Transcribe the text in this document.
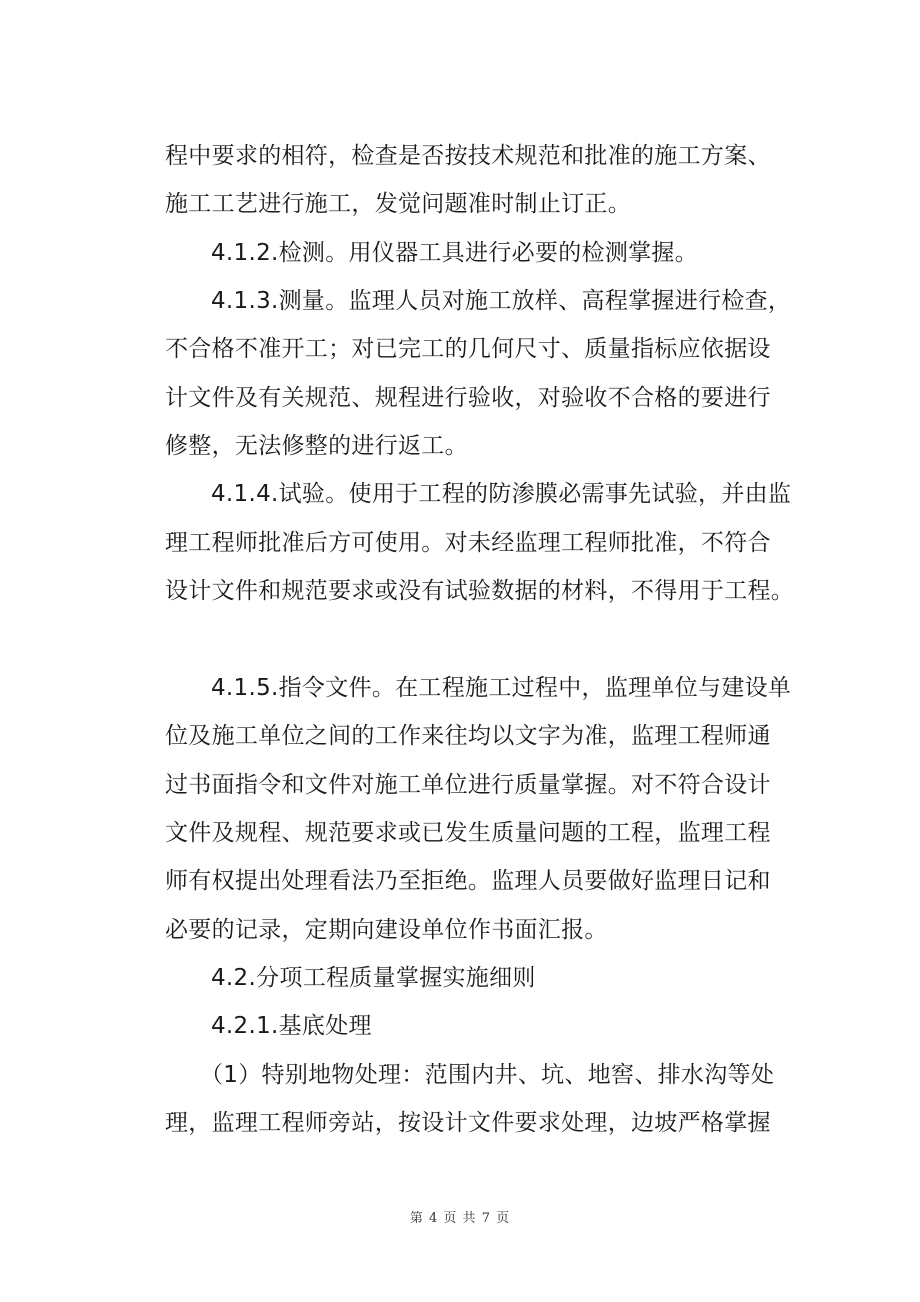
程中要求的相符，检查是否按技术规范和批准的施工方案、
施工工艺进行施工，发觉问题准时制止订正。
4.1.2.检测。用仪器工具进行必要的检测掌握。
4.1.3.测量。监理人员对施工放样、高程掌握进行检查，
不合格不准开工；对已完工的几何尺寸、质量指标应依据设
计文件及有关规范、规程进行验收，对验收不合格的要进行
修整，无法修整的进行返工。
4.1.4.试验。使用于工程的防渗膜必需事先试验，并由监
理工程师批准后方可使用。对未经监理工程师批准，不符合
设计文件和规范要求或没有试验数据的材料，不得用于工程。
4.1.5.指令文件。在工程施工过程中，监理单位与建设单
位及施工单位之间的工作来往均以文字为准，监理工程师通
过书面指令和文件对施工单位进行质量掌握。对不符合设计
文件及规程、规范要求或已发生质量问题的工程，监理工程
师有权提出处理看法乃至拒绝。监理人员要做好监理日记和
必要的记录，定期向建设单位作书面汇报。
4.2.分项工程质量掌握实施细则
4.2.1.基底处理
（1）特别地物处理：范围内井、坑、地窖、排水沟等处
理，监理工程师旁站，按设计文件要求处理，边坡严格掌握
第 4 页 共 7 页
